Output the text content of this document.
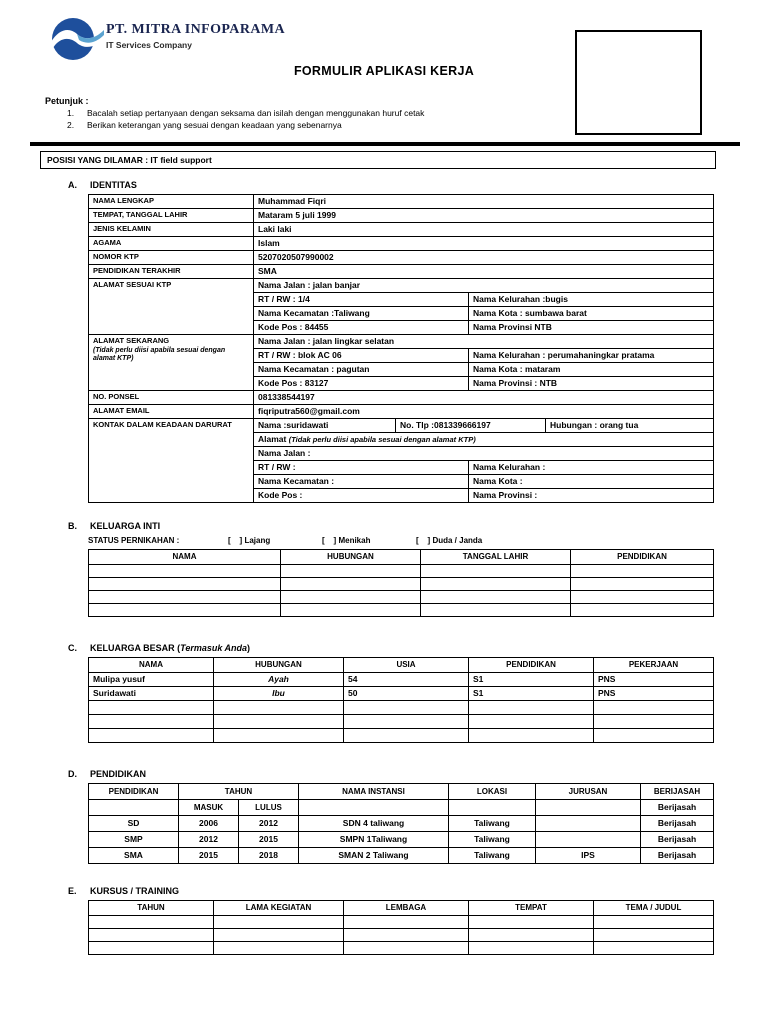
PT. MITRA INFOPARAMA
IT Services Company
FORMULIR APLIKASI KERJA
Petunjuk :
1.	Bacalah setiap pertanyaan dengan seksama dan isilah dengan menggunakan huruf cetak
2.	Berikan keterangan yang sesuai dengan keadaan yang sebenarnya
POSISI YANG DILAMAR : IT field support
A.	IDENTITAS
NAMA LENGKAP	Muhammad Fiqri			
TEMPAT, TANGGAL LAHIR	Mataram 5 juli 1999			
JENIS KELAMIN	Laki laki			
AGAMA	Islam			
NOMOR KTP	5207020507990002			
PENDIDIKAN TERAKHIR	SMA			
ALAMAT SESUAI KTP	Nama Jalan : jalan banjar			
	RT / RW : 1/4		Nama Kelurahan :bugis	
	Nama Kecamatan :Taliwang		Nama Kota : sumbawa barat	
	Kode Pos : 84455		Nama Provinsi NTB	

ALAMAT SEKARANG
(Tidak perlu diisi apabila sesuai dengan alamat KTP)	Nama Jalan : jalan lingkar selatan			
	RT / RW : blok AC 06		Nama Kelurahan : perumahaningkar pratama	
	Nama Kecamatan : pagutan		Nama Kota : mataram	
	Kode Pos : 83127		Nama Provinsi : NTB	
NO. PONSEL	081338544197			
ALAMAT EMAIL	fiqriputra560@gmail.com			
KONTAK DALAM KEADAAN DARURAT	Nama :suridawati	No. Tlp :081339666197		Hubungan : orang tua
	Alamat (Tidak perlu diisi apabila sesuai dengan alamat KTP)			
	Nama Jalan :			
	RT / RW :		Nama Kelurahan :	
	Nama Kecamatan :		Nama Kota :	
	Kode Pos :		Nama Provinsi :	
B.	KELUARGA INTI
STATUS PERNIKAHAN :	[    ] Lajang	[    ] Menikah	[    ] Duda / Janda
NAMA	HUBUNGAN	TANGGAL LAHIR	PENDIDIKAN

C.	KELUARGA BESAR (Termasuk Anda)
NAMA	HUBUNGAN	USIA	PENDIDIKAN	PEKERJAAN
Mulipa yusuf	Ayah	54	S1	PNS
Suridawati	Ibu	50	S1	PNS

D.	PENDIDIKAN
PENDIDIKAN	TAHUN		NAMA INSTANSI	LOKASI	JURUSAN	BERIJASAH
	MASUK	LULUS				Berijasah
SD	2006	2012	SDN 4 taliwang	Taliwang		Berijasah
SMP	2012	2015	SMPN 1Taliwang	Taliwang		Berijasah
SMA	2015	2018	SMAN 2 Taliwang	Taliwang	IPS	Berijasah
E.	KURSUS / TRAINING
TAHUN	LAMA KEGIATAN	LEMBAGA	TEMPAT	TEMA / JUDUL
